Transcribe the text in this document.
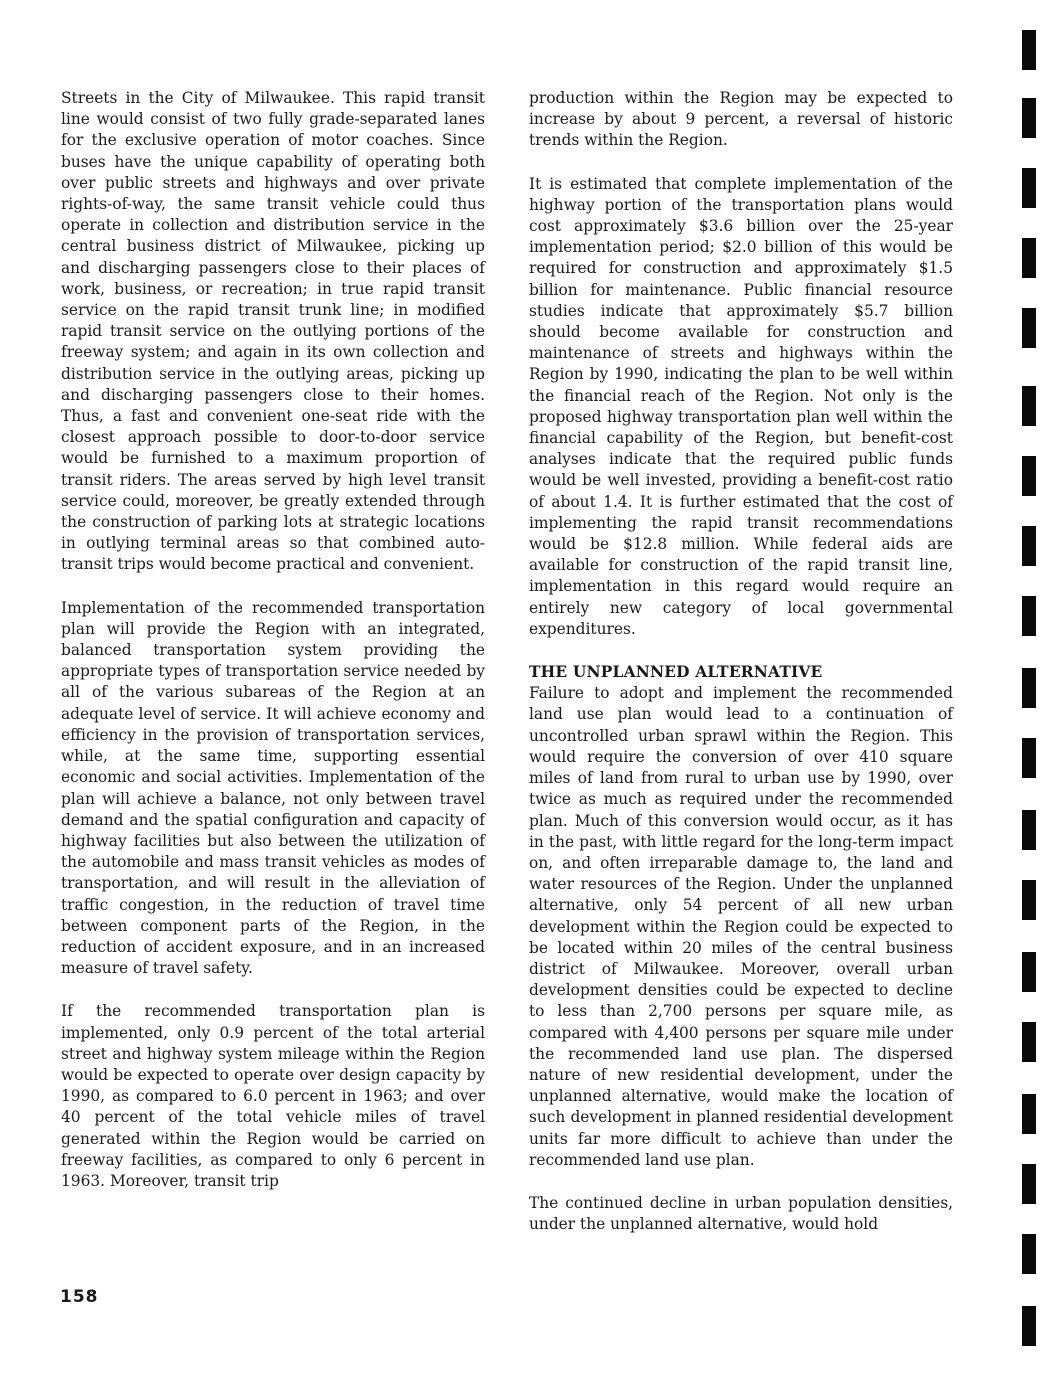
Streets in the City of Milwaukee. This rapid transit line would consist of two fully grade-separated lanes for the exclusive operation of motor coaches. Since buses have the unique capability of operating both over public streets and highways and over private rights-of-way, the same transit vehicle could thus operate in collection and distribution service in the central business district of Milwaukee, picking up and discharging passengers close to their places of work, business, or recreation; in true rapid transit service on the rapid transit trunk line; in modified rapid transit service on the outlying portions of the freeway system; and again in its own collection and distribution service in the outlying areas, picking up and discharging passengers close to their homes. Thus, a fast and convenient one-seat ride with the closest approach possible to door-to-door service would be furnished to a maximum proportion of transit riders. The areas served by high level transit service could, moreover, be greatly extended through the construction of parking lots at strategic locations in outlying terminal areas so that combined auto-transit trips would become practical and convenient.

Implementation of the recommended transportation plan will provide the Region with an integrated, balanced transportation system providing the appropriate types of transportation service needed by all of the various subareas of the Region at an adequate level of service. It will achieve economy and efficiency in the provision of transportation services, while, at the same time, supporting essential economic and social activities. Implementation of the plan will achieve a balance, not only between travel demand and the spatial configuration and capacity of highway facilities but also between the utilization of the automobile and mass transit vehicles as modes of transportation, and will result in the alleviation of traffic congestion, in the reduction of travel time between component parts of the Region, in the reduction of accident exposure, and in an increased measure of travel safety.

If the recommended transportation plan is implemented, only 0.9 percent of the total arterial street and highway system mileage within the Region would be expected to operate over design capacity by 1990, as compared to 6.0 percent in 1963; and over 40 percent of the total vehicle miles of travel generated within the Region would be carried on freeway facilities, as compared to only 6 percent in 1963. Moreover, transit trip

production within the Region may be expected to increase by about 9 percent, a reversal of historic trends within the Region.

It is estimated that complete implementation of the highway portion of the transportation plans would cost approximately $3.6 billion over the 25-year implementation period; $2.0 billion of this would be required for construction and approximately $1.5 billion for maintenance. Public financial resource studies indicate that approximately $5.7 billion should become available for construction and maintenance of streets and highways within the Region by 1990, indicating the plan to be well within the financial reach of the Region. Not only is the proposed highway transportation plan well within the financial capability of the Region, but benefit-cost analyses indicate that the required public funds would be well invested, providing a benefit-cost ratio of about 1.4. It is further estimated that the cost of implementing the rapid transit recommendations would be $12.8 million. While federal aids are available for construction of the rapid transit line, implementation in this regard would require an entirely new category of local governmental expenditures.

THE UNPLANNED ALTERNATIVE

Failure to adopt and implement the recommended land use plan would lead to a continuation of uncontrolled urban sprawl within the Region. This would require the conversion of over 410 square miles of land from rural to urban use by 1990, over twice as much as required under the recommended plan. Much of this conversion would occur, as it has in the past, with little regard for the long-term impact on, and often irreparable damage to, the land and water resources of the Region. Under the unplanned alternative, only 54 percent of all new urban development within the Region could be expected to be located within 20 miles of the central business district of Milwaukee. Moreover, overall urban development densities could be expected to decline to less than 2,700 persons per square mile, as compared with 4,400 persons per square mile under the recommended land use plan. The dispersed nature of new residential development, under the unplanned alternative, would make the location of such development in planned residential development units far more difficult to achieve than under the recommended land use plan.

The continued decline in urban population densities, under the unplanned alternative, would hold

158
